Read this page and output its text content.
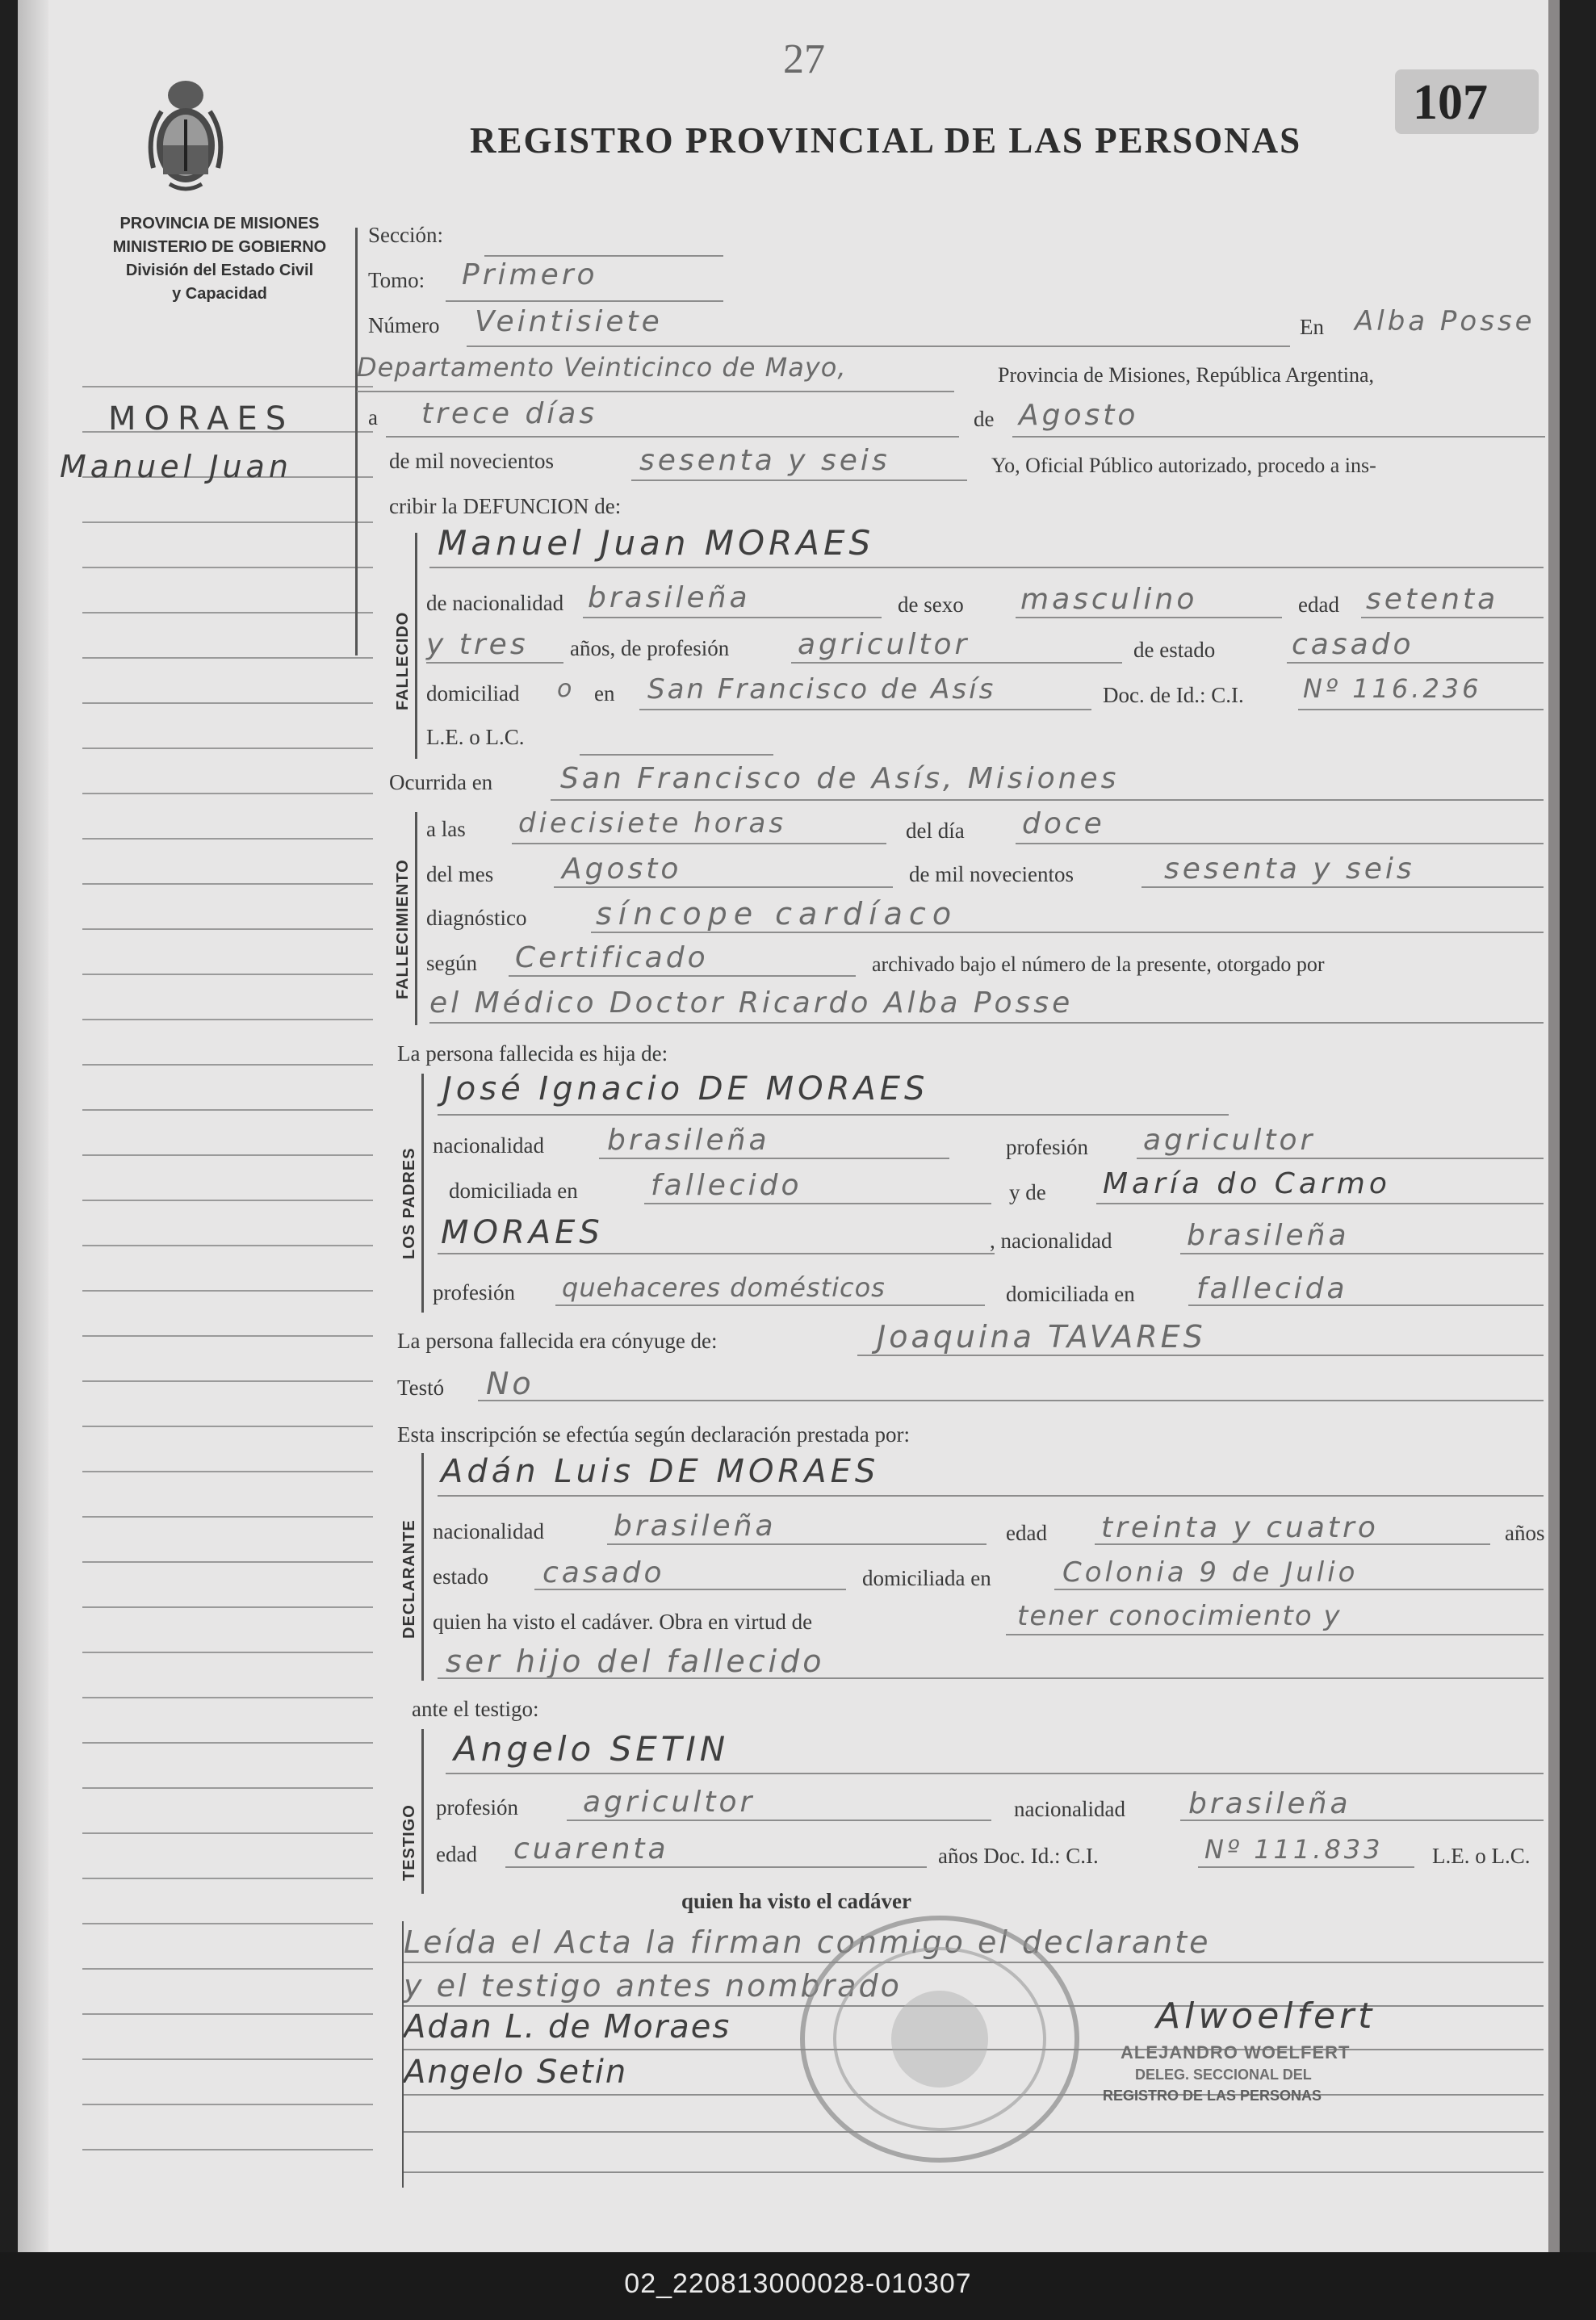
27
107
REGISTRO PROVINCIAL DE LAS PERSONAS
PROVINCIA DE MISIONES
MINISTERIO DE GOBIERNO
División del Estado Civil
y Capacidad
MORAES
Manuel Juan
Sección:
Tomo: Primero
Número Veintisiete	En Alba Posse
Departamento Veinticinco de Mayo,	Provincia de Misiones, República Argentina,
a trece días	de Agosto
de mil novecientos	sesenta y seis	Yo, Oficial Público autorizado, procedo a ins-
cribir la DEFUNCION de:
FALLECIDO
Manuel Juan MORAES
de nacionalidad brasileña	de sexo masculino	edad setenta
y tres años, de profesión agricultor	de estado	casado
domiciliad o en San Francisco de Asís	Doc. de Id.: C.I. Nº 116.236
L.E. o L.C.
Ocurrida en San Francisco de Asís, Misiones
FALLECIMIENTO
a las diecisiete horas	del día doce
del mes Agosto	de mil novecientos	sesenta y seis
diagnóstico síncope cardíaco
según Certificado	archivado bajo el número de la presente, otorgado por
el Médico Doctor Ricardo Alba Posse
La persona fallecida es hija de:
LOS PADRES
José Ignacio DE MORAES
nacionalidad brasileña	profesión agricultor
domiciliada en	fallecido	y de María do Carmo
MORAES	, nacionalidad	brasileña
profesión quehaceres domésticos	domiciliada en fallecida
La persona fallecida era cónyuge de:	Joaquina TAVARES
Testó No
Esta inscripción se efectúa según declaración prestada por:
DECLARANTE
Adán Luis DE MORAES
nacionalidad brasileña	edad treinta y cuatro	años
estado casado	domiciliada en	Colonia 9 de Julio
quien ha visto el cadáver. Obra en virtud de	tener conocimiento y
ser hijo del fallecido
ante el testigo:
TESTIGO
Angelo SETIN
profesión agricultor	nacionalidad brasileña
edad cuarenta	años Doc. Id.: C.I.	Nº 111.833 L.E. o L.C.
quien ha visto el cadáver
Leída el Acta la firman conmigo el declarante
y el testigo antes nombrado
Adan L. de Moraes
Angelo Setin
Alwoelfert
ALEJANDRO WOELFERT
DELEG. SECCIONAL DEL
REGISTRO DE LAS PERSONAS
02_220813000028-010307
